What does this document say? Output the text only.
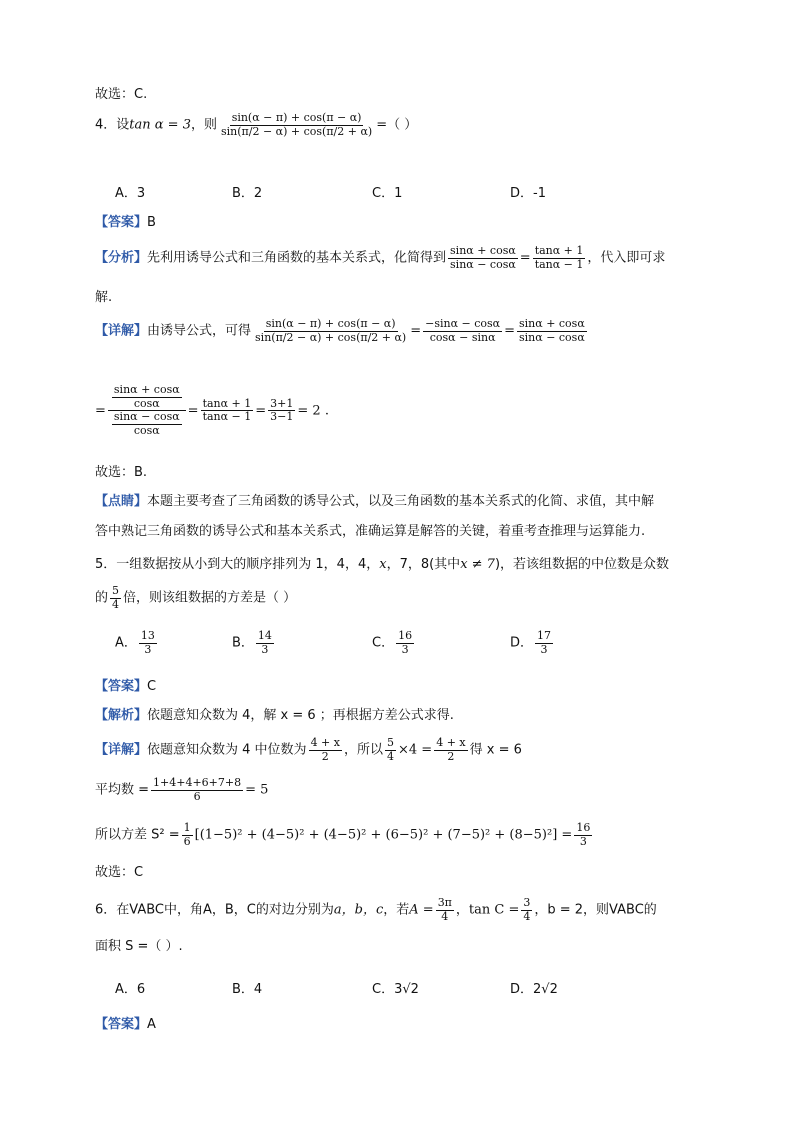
故选：C.
4．设tan α = 3，则 $\frac{\sin(\alpha - \pi) + \cos(\pi - \alpha)}{\sin(\pi/2 - \alpha) + \cos(\pi/2 + \alpha)}$ =（ ）
A．3	B．2	C．1	D．-1
【答案】B
【分析】先利用诱导公式和三角函数的基本关系式，化简得到 $\frac{\sin\alpha + \cos\alpha}{\sin\alpha - \cos\alpha} = \frac{\tan\alpha + 1}{\tan\alpha - 1}$ ，代入即可求
解.
【详解】由诱导公式，可得 $\frac{\sin(\alpha - \pi) + \cos(\pi - \alpha)}{\sin(\pi/2 - \alpha) + \cos(\pi/2 + \alpha)} = \frac{-\sin\alpha - \cos\alpha}{\cos\alpha - \sin\alpha} = \frac{\sin\alpha + \cos\alpha}{\sin\alpha - \cos\alpha}$
= $\frac{\frac{\sin\alpha + \cos\alpha}{\cos\alpha}}{\frac{\sin\alpha - \cos\alpha}{\cos\alpha}} = \frac{\tan\alpha + 1}{\tan\alpha - 1} = \frac{3+1}{3-1} = 2$ .
故选：B.
【点睛】本题主要考查了三角函数的诱导公式，以及三角函数的基本关系式的化简、求值，其中解
答中熟记三角函数的诱导公式和基本关系式，准确运算是解答的关键，着重考查推理与运算能力.
5．一组数据按从小到大的顺序排列为 1，4，4，x，7，8(其中x ≠ 7)，若该组数据的中位数是众数
的 $\frac{5}{4}$ 倍，则该组数据的方差是（ ）
A． $\frac{13}{3}$	B． $\frac{14}{3}$	C． $\frac{16}{3}$	D． $\frac{17}{3}$
【答案】C
【解析】依题意知众数为 4，解 x = 6 ；再根据方差公式求得.
【详解】依题意知众数为 4 中位数为 $\frac{4 + x}{2}$ ，所以 $\frac{5}{4} \times 4 = \frac{4 + x}{2}$ 得 x = 6
平均数 = $\frac{1+4+4+6+7+8}{6} = 5$
所以方差 $S^2 = \frac{1}{6} [(1-5)^2 + (4-5)^2 + (4-5)^2 + (6-5)^2 + (7-5)^2 + (8-5)^2] = \frac{16}{3}$
故选：C
6．在VABC中，角A，B，C的对边分别为a，b，c，若$A = \frac{3\pi}{4}$ ，$\tan C = \frac{3}{4}$ ，b = 2，则VABC的
面积 S =（ ）.
A．6	B．4	C．3√2	D．2√2
【答案】A
